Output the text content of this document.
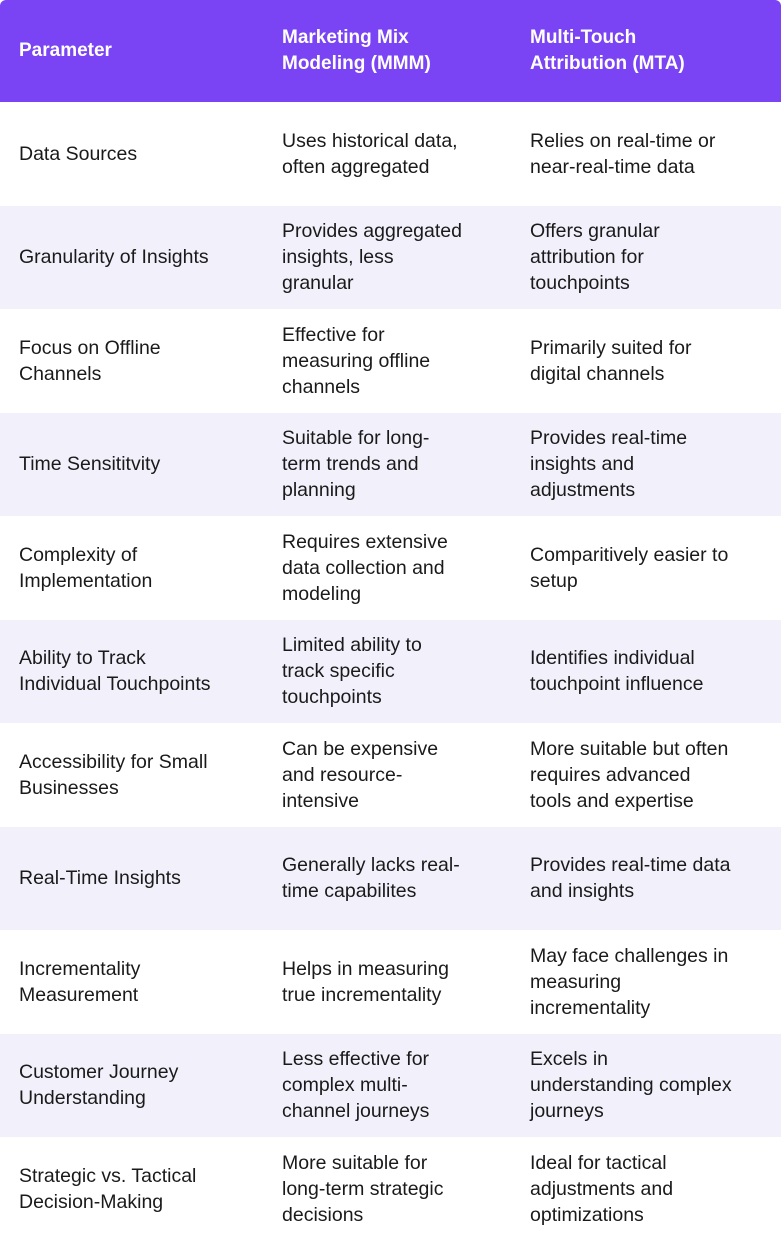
Parameter
Marketing Mix
Modeling (MMM)
Multi-Touch
Attribution (MTA)
Data Sources
Uses historical data,
often aggregated
Relies on real-time or
near-real-time data
Granularity of Insights
Provides aggregated
insights, less
granular
Offers granular
attribution for
touchpoints
Focus on Offline
Channels
Effective for
measuring offline
channels
Primarily suited for
digital channels
Time Sensititvity
Suitable for long-
term trends and
planning
Provides real-time
insights and
adjustments
Complexity of
Implementation
Requires extensive
data collection and
modeling
Comparitively easier to
setup
Ability to Track
Individual Touchpoints
Limited ability to
track specific
touchpoints
Identifies individual
touchpoint influence
Accessibility for Small
Businesses
Can be expensive
and resource-
intensive
More suitable but often
requires advanced
tools and expertise
Real-Time Insights
Generally lacks real-
time capabilites
Provides real-time data
and insights
Incrementality
Measurement
Helps in measuring
true incrementality
May face challenges in
measuring
incrementality
Customer Journey
Understanding
Less effective for
complex multi-
channel journeys
Excels in
understanding complex
journeys
Strategic vs. Tactical
Decision-Making
More suitable for
long-term strategic
decisions
Ideal for tactical
adjustments and
optimizations
